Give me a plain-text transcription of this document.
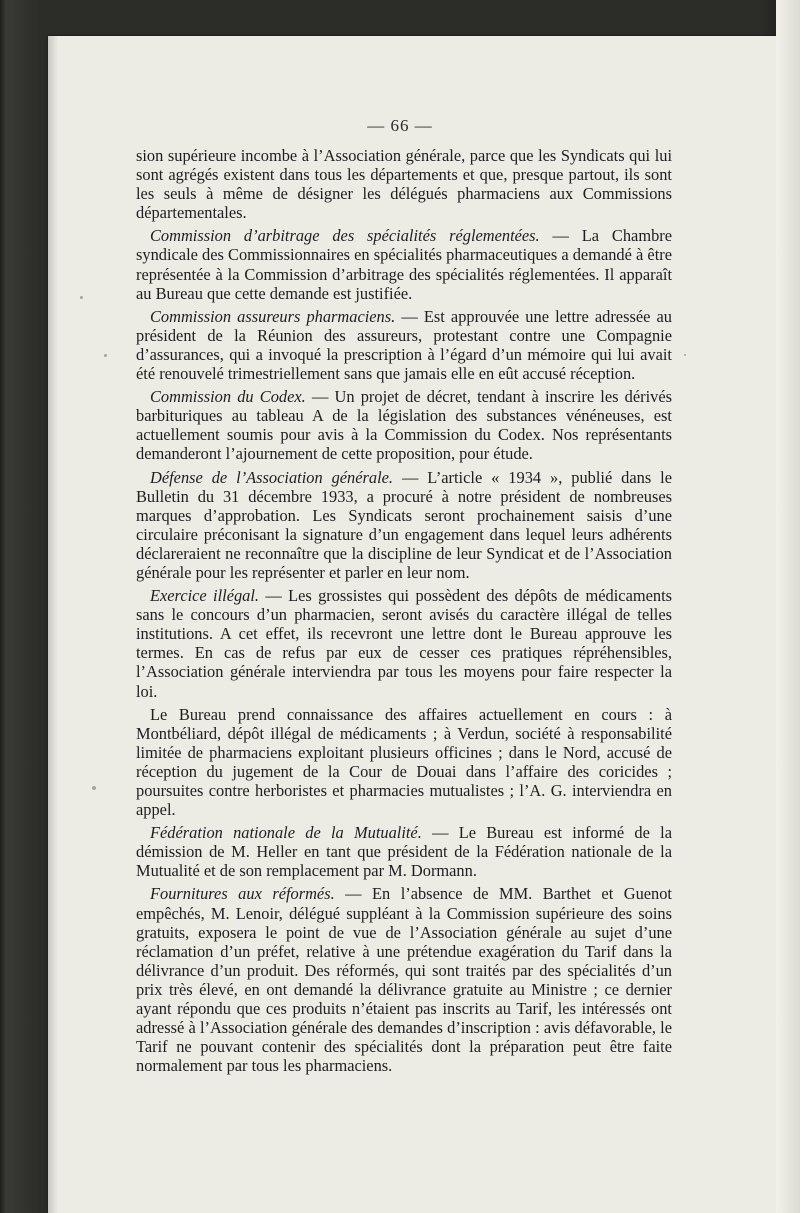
— 66 —

sion supérieure incombe à l’Association générale, parce que les Syndicats qui lui sont agrégés existent dans tous les départements et que, presque partout, ils sont les seuls à même de désigner les délégués pharmaciens aux Commissions départementales.

Commission d’arbitrage des spécialités réglementées. — La Chambre syndicale des Commissionnaires en spécialités pharmaceutiques a demandé à être représentée à la Commission d’arbitrage des spécialités réglementées. Il apparaît au Bureau que cette demande est justifiée.

Commission assureurs pharmaciens. — Est approuvée une lettre adressée au président de la Réunion des assureurs, protestant contre une Compagnie d’assurances, qui a invoqué la prescription à l’égard d’un mémoire qui lui avait été renouvelé trimestriellement sans que jamais elle en eût accusé réception.

Commission du Codex. — Un projet de décret, tendant à inscrire les dérivés barbituriques au tableau A de la législation des substances vénéneuses, est actuellement soumis pour avis à la Commission du Codex. Nos représentants demanderont l’ajournement de cette proposition, pour étude.

Défense de l’Association générale. — L’article « 1934 », publié dans le Bulletin du 31 décembre 1933, a procuré à notre président de nombreuses marques d’approbation. Les Syndicats seront prochainement saisis d’une circulaire préconisant la signature d’un engagement dans lequel leurs adhérents déclareraient ne reconnaître que la discipline de leur Syndicat et de l’Association générale pour les représenter et parler en leur nom.

Exercice illégal. — Les grossistes qui possèdent des dépôts de médicaments sans le concours d’un pharmacien, seront avisés du caractère illégal de telles institutions. A cet effet, ils recevront une lettre dont le Bureau approuve les termes. En cas de refus par eux de cesser ces pratiques répréhensibles, l’Association générale interviendra par tous les moyens pour faire respecter la loi.

Le Bureau prend connaissance des affaires actuellement en cours : à Montbéliard, dépôt illégal de médicaments ; à Verdun, société à responsabilité limitée de pharmaciens exploitant plusieurs officines ; dans le Nord, accusé de réception du jugement de la Cour de Douai dans l’affaire des coricides ; poursuites contre herboristes et pharmacies mutualistes ; l’A. G. interviendra en appel.

Fédération nationale de la Mutualité. — Le Bureau est informé de la démission de M. Heller en tant que président de la Fédération nationale de la Mutualité et de son remplacement par M. Dormann.

Fournitures aux réformés. — En l’absence de MM. Barthet et Guenot empêchés, M. Lenoir, délégué suppléant à la Commission supérieure des soins gratuits, exposera le point de vue de l’Association générale au sujet d’une réclamation d’un préfet, relative à une prétendue exagération du Tarif dans la délivrance d’un produit. Des réformés, qui sont traités par des spécialités d’un prix très élevé, en ont demandé la délivrance gratuite au Ministre ; ce dernier ayant répondu que ces produits n’étaient pas inscrits au Tarif, les intéressés ont adressé à l’Association générale des demandes d’inscription : avis défavorable, le Tarif ne pouvant contenir des spécialités dont la préparation peut être faite normalement par tous les pharmaciens.
